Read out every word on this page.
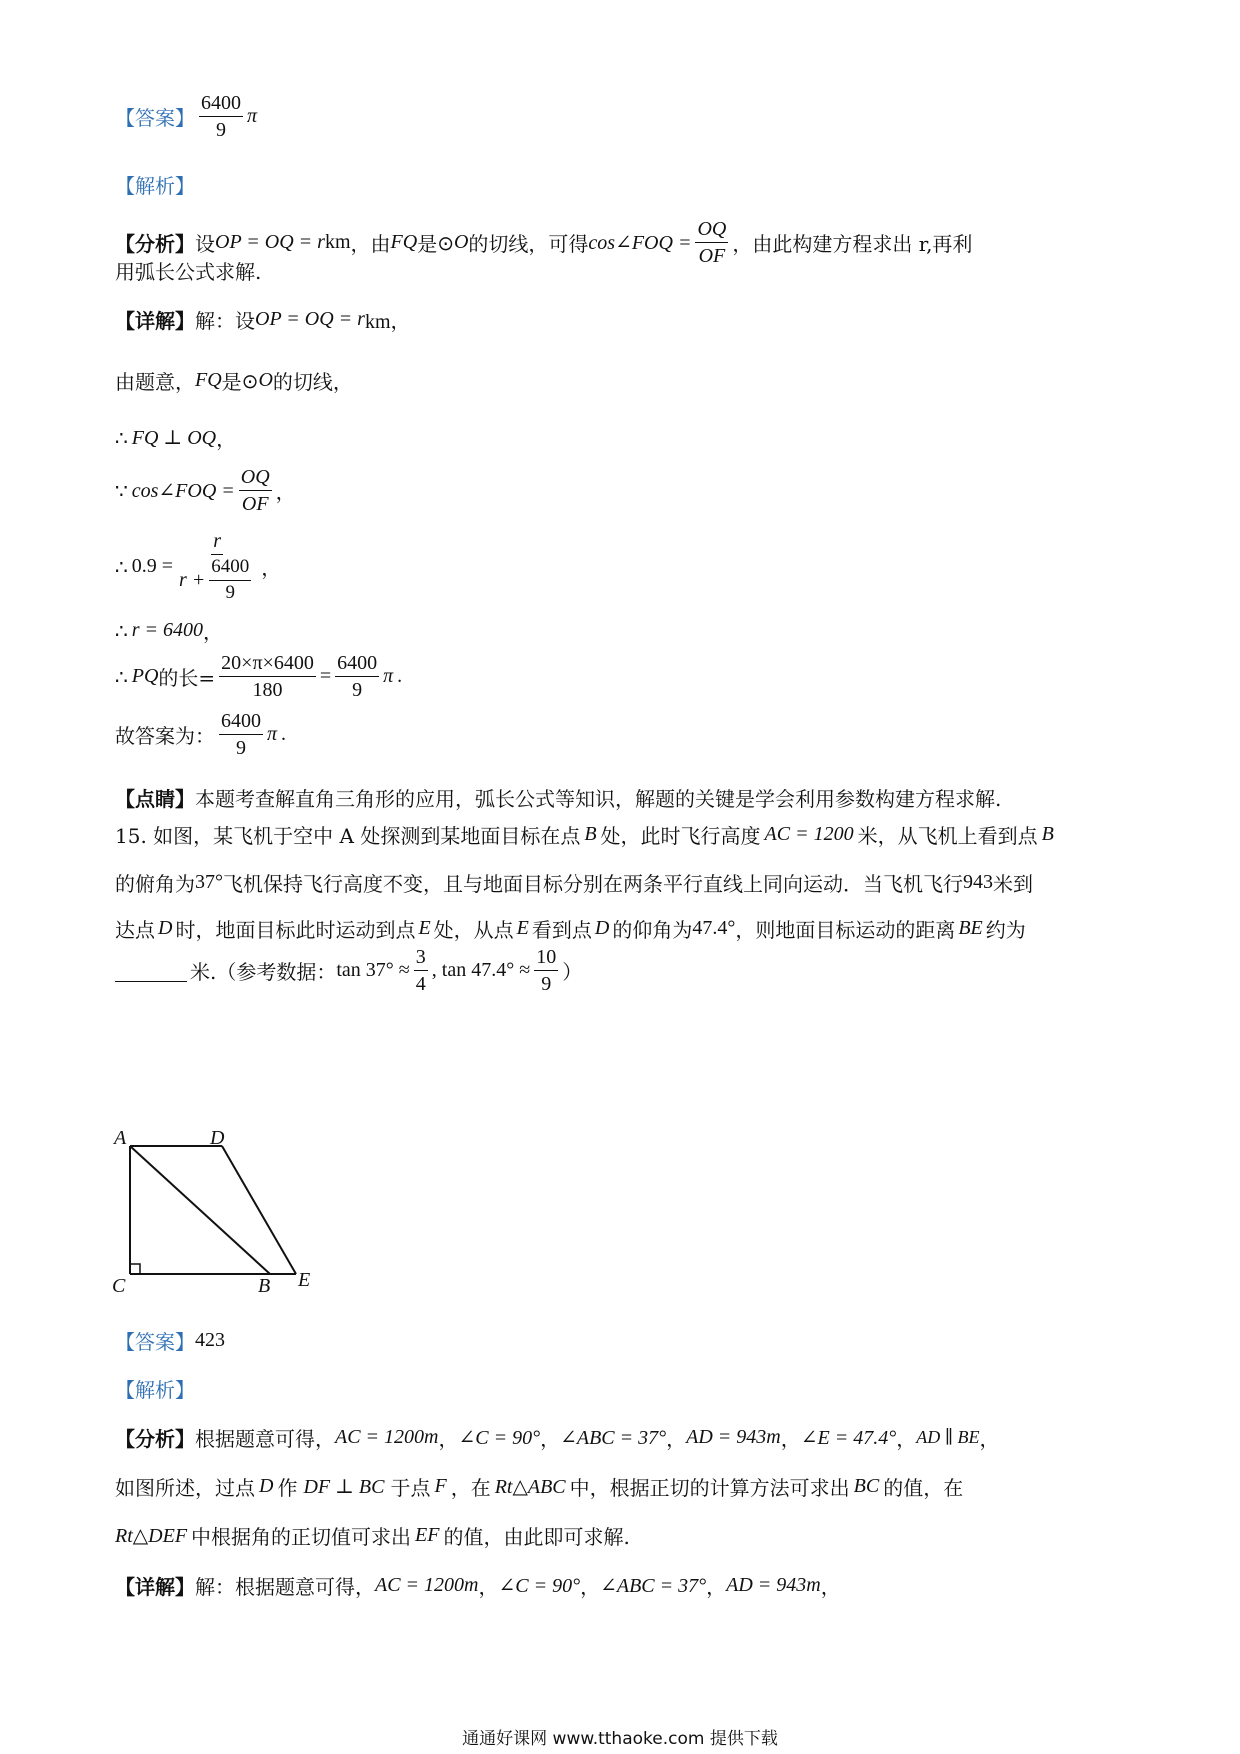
【答案】 $\frac{6400}{9}$ π
【解析】
【分析】 设 OP = OQ = r km ，由 FQ 是 ⊙ O 的切线，可得 cos∠FOQ = $\frac{OQ}{OF}$ ，由此构建方程求出 r,再利
用弧长公式求解.
【详解】 解：设 OP = OQ = r km，
由题意， FQ 是 ⊙ O 的切线，
∴ FQ ⊥ OQ ，
∵ cos∠FOQ = $\frac{OQ}{OF}$ ，
∴ $0.9 = \frac{r}{r + \frac{6400}{9}}$ ，
∴ r = 6400 ，
∴ PQ 的长= $\frac{20\times\pi\times 6400}{180} = \frac{6400}{9}$ π .
故答案为： $\frac{6400}{9}$ π .
【点睛】 本题考查解直角三角形的应用，弧长公式等知识，解题的关键是学会利用参数构建方程求解.
15. 如图，某飞机于空中 A 处探测到某地面目标在点 B 处，此时飞行高度 AC = 1200 米，从飞机上看到点 B
的俯角为 37° 飞机保持飞行高度不变，且与地面目标分别在两条平行直线上同向运动．当飞机飞行 943 米到
达点 D 时，地面目标此时运动到点 E 处，从点 E 看到点 D 的仰角为 47.4° ，则地面目标运动的距离 BE 约为
米.（参考数据： $\tan 37^\circ \approx \frac{3}{4}$ , $\tan 47.4^\circ \approx \frac{10}{9}$ ）
A	D
C	B E
【答案】 423
【解析】
【分析】 根据题意可得， AC = 1200m ， ∠C = 90° ， ∠ABC = 37° ， AD = 943m ， ∠E = 47.4° ， AD ∥ BE ，
如图所述，过点 D 作 DF ⊥ BC 于点 F ，在 Rt△ABC 中，根据正切的计算方法可求出 BC 的值，在
Rt△DEF 中根据角的正切值可求出 EF 的值，由此即可求解.
【详解】 解：根据题意可得， AC = 1200m ， ∠C = 90° ， ∠ABC = 37° ， AD = 943m ，
通通好课网 www.tthaoke.com 提供下载
